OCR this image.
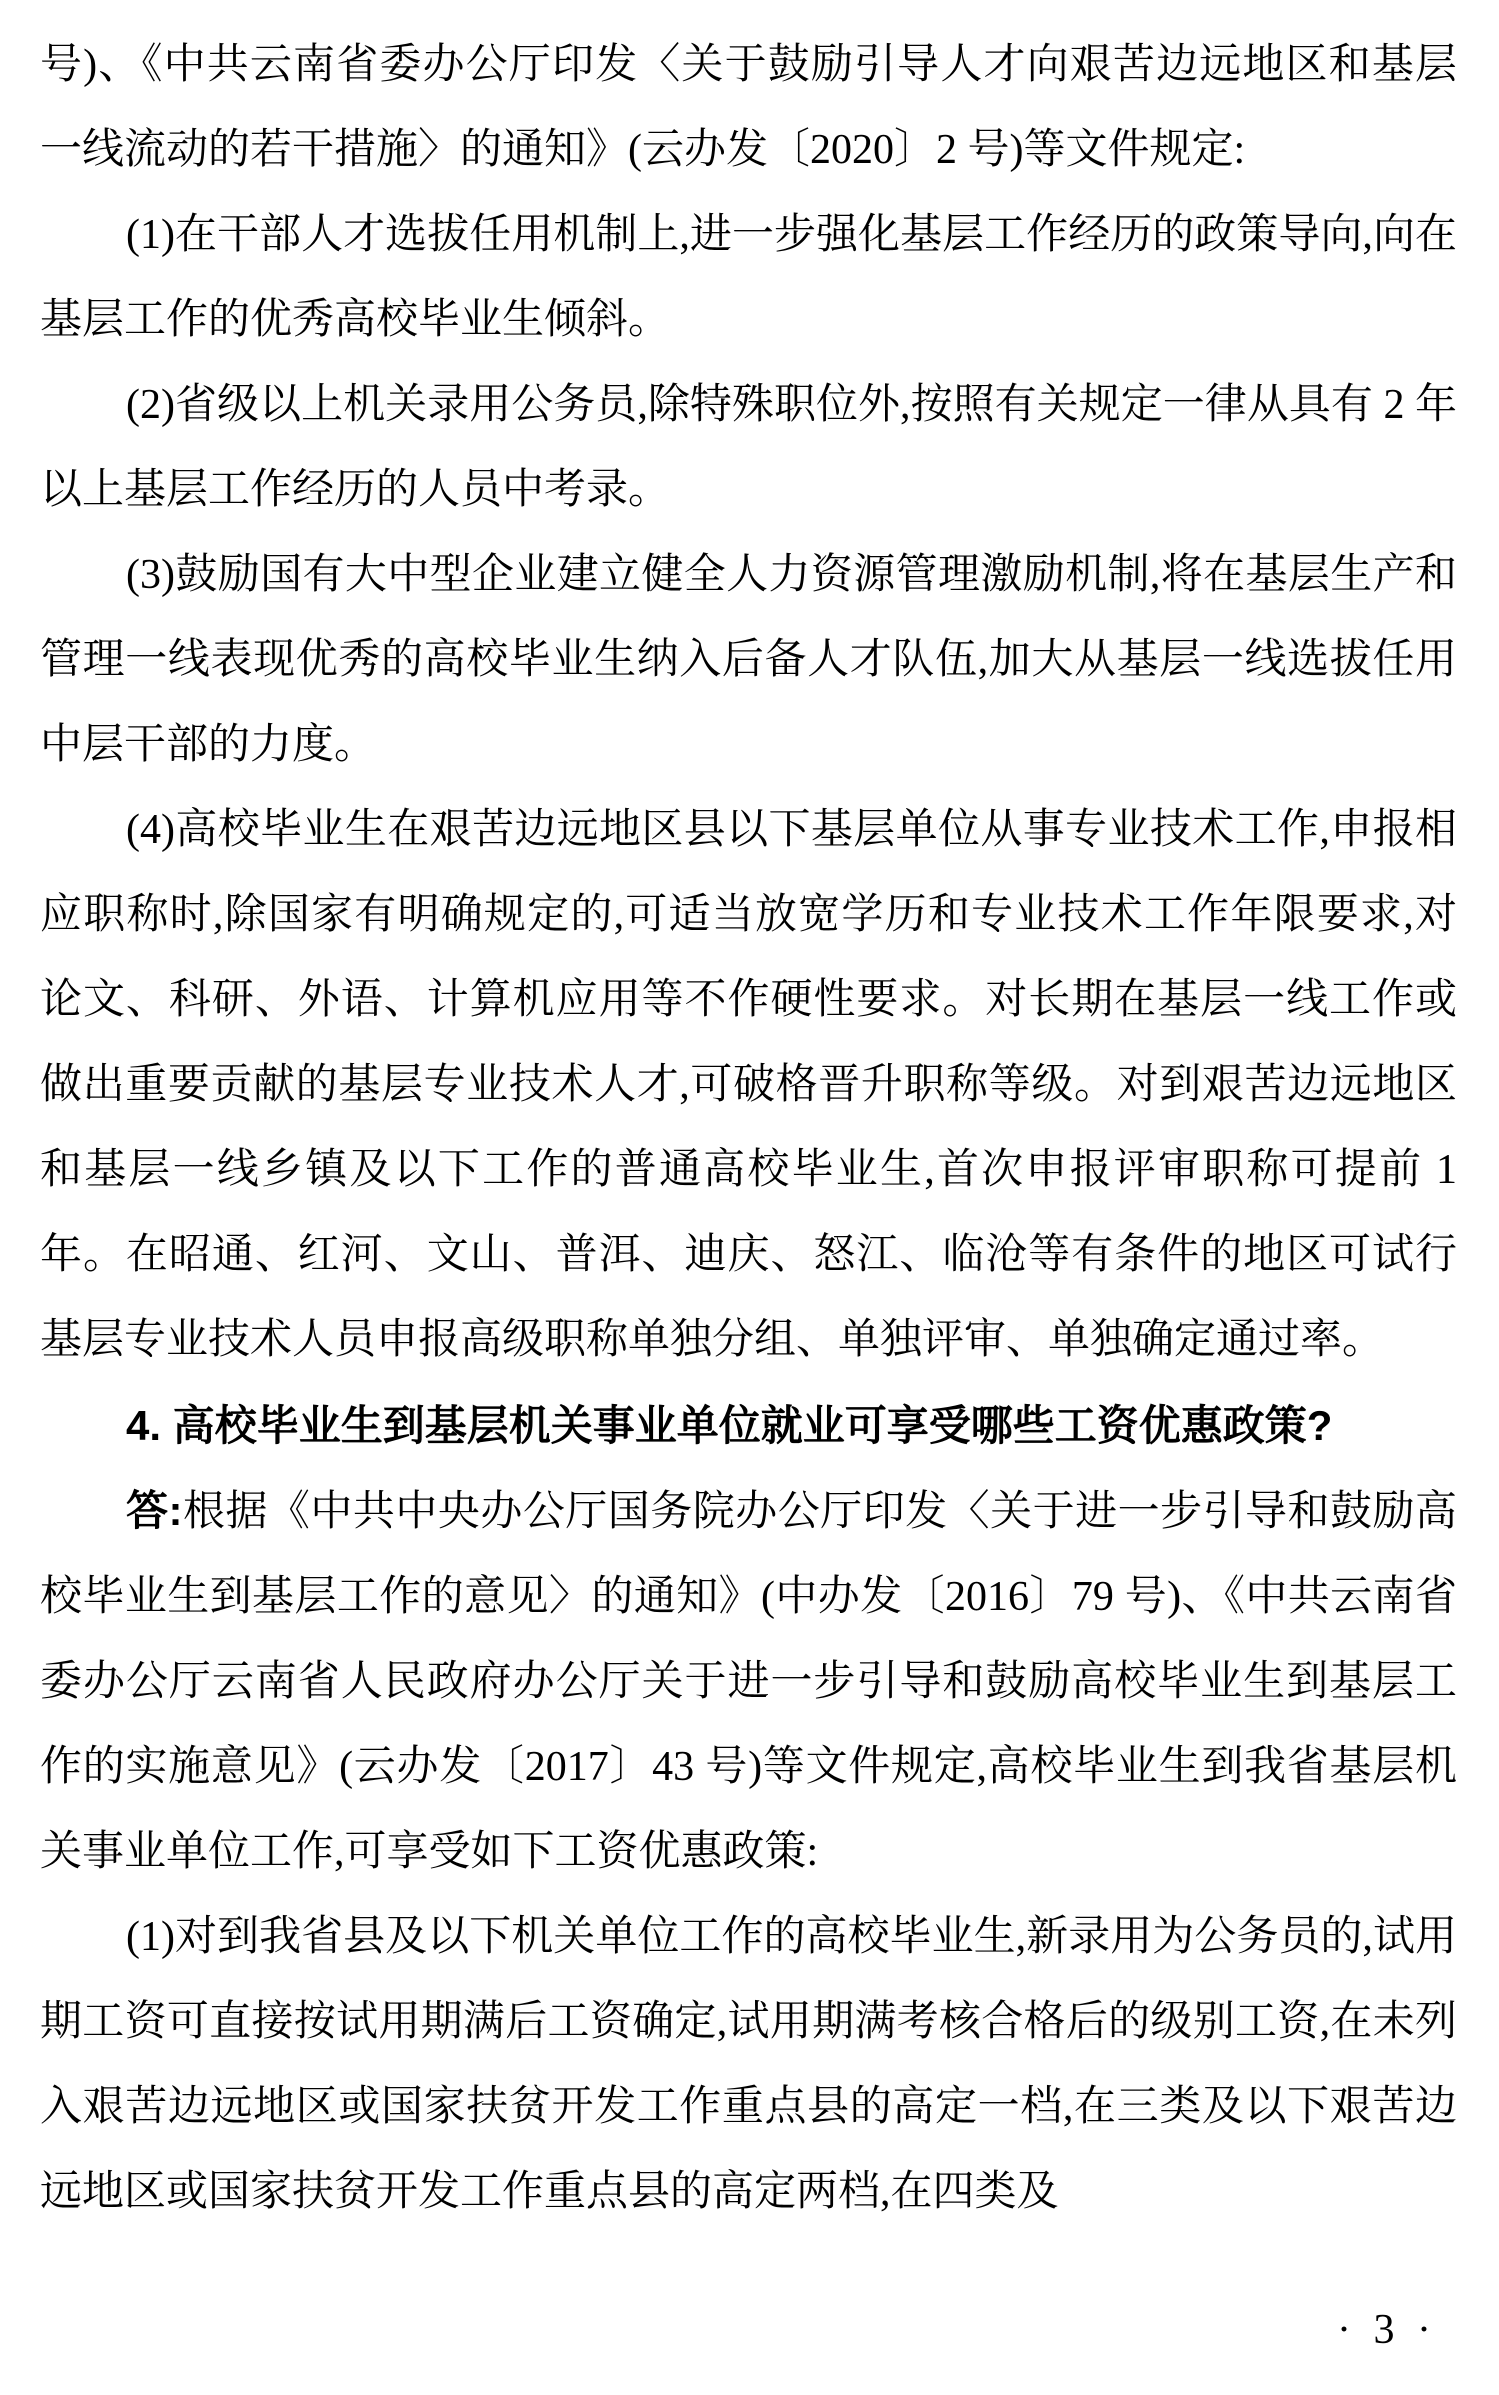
号)、《中共云南省委办公厅印发〈关于鼓励引导人才向艰苦边远地区和基层一线流动的若干措施〉的通知》(云办发〔2020〕2 号)等文件规定:

(1)在干部人才选拔任用机制上,进一步强化基层工作经历的政策导向,向在基层工作的优秀高校毕业生倾斜。

(2)省级以上机关录用公务员,除特殊职位外,按照有关规定一律从具有 2 年以上基层工作经历的人员中考录。

(3)鼓励国有大中型企业建立健全人力资源管理激励机制,将在基层生产和管理一线表现优秀的高校毕业生纳入后备人才队伍,加大从基层一线选拔任用中层干部的力度。

(4)高校毕业生在艰苦边远地区县以下基层单位从事专业技术工作,申报相应职称时,除国家有明确规定的,可适当放宽学历和专业技术工作年限要求,对论文、科研、外语、计算机应用等不作硬性要求。对长期在基层一线工作或做出重要贡献的基层专业技术人才,可破格晋升职称等级。对到艰苦边远地区和基层一线乡镇及以下工作的普通高校毕业生,首次申报评审职称可提前 1 年。在昭通、红河、文山、普洱、迪庆、怒江、临沧等有条件的地区可试行基层专业技术人员申报高级职称单独分组、单独评审、单独确定通过率。

4. 高校毕业生到基层机关事业单位就业可享受哪些工资优惠政策?

答:根据《中共中央办公厅国务院办公厅印发〈关于进一步引导和鼓励高校毕业生到基层工作的意见〉的通知》(中办发〔2016〕79 号)、《中共云南省委办公厅云南省人民政府办公厅关于进一步引导和鼓励高校毕业生到基层工作的实施意见》(云办发〔2017〕43 号)等文件规定,高校毕业生到我省基层机关事业单位工作,可享受如下工资优惠政策:

(1)对到我省县及以下机关单位工作的高校毕业生,新录用为公务员的,试用期工资可直接按试用期满后工资确定,试用期满考核合格后的级别工资,在未列入艰苦边远地区或国家扶贫开发工作重点县的高定一档,在三类及以下艰苦边远地区或国家扶贫开发工作重点县的高定两档,在四类及

· 3 ·
